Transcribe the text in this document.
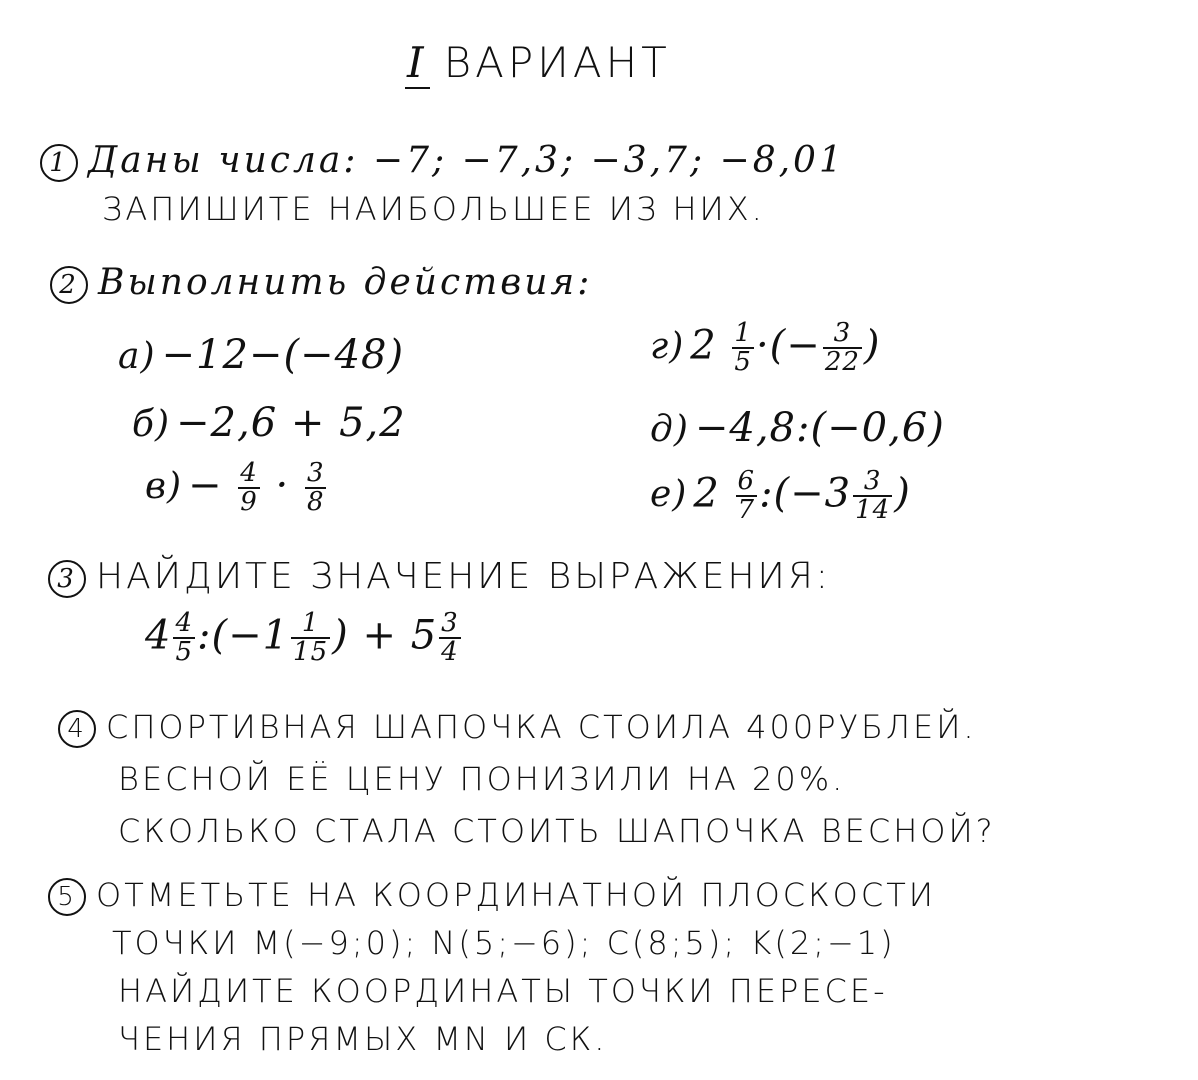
I ВАРИАНТ
1 Даны числа: −7; −7,3; −3,7; −8,01
ЗАПИШИТЕ НАИБОЛЬШЕЕ ИЗ НИХ.
2 Выполнить действия:
а) −12−(−48)
б) −2,6 + 5,2
$в) - \frac{4}{9} \cdot \frac{3}{8}$
г) $2 \frac{1}{5}$ ·(− $\frac{3}{22}$ )
д) −4,8:(−0,6)
е) $2 \frac{6}{7}$ :(−3 $\frac{3}{14}$ )
3 НАЙДИТЕ ЗНАЧЕНИЕ ВЫРАЖЕНИЯ:
$4 \frac{4}{5}$ :(−1 $\frac{1}{15}$ ) + $5 \frac{3}{4}$
4 СПОРТИВНАЯ ШАПОЧКА СТОИЛА 400РУБЛЕЙ.
ВЕСНОЙ ЕЁ ЦЕНУ ПОНИЗИЛИ НА 20%.
СКОЛЬКО СТАЛА СТОИТЬ ШАПОЧКА ВЕСНОЙ?
5 ОТМЕТЬТЕ НА КООРДИНАТНОЙ ПЛОСКОСТИ
ТОЧКИ М(−9;0); N(5;−6); C(8;5); K(2;−1)
НАЙДИТЕ КООРДИНАТЫ ТОЧКИ ПЕРЕСЕ-
ЧЕНИЯ ПРЯМЫХ МN И СК.
